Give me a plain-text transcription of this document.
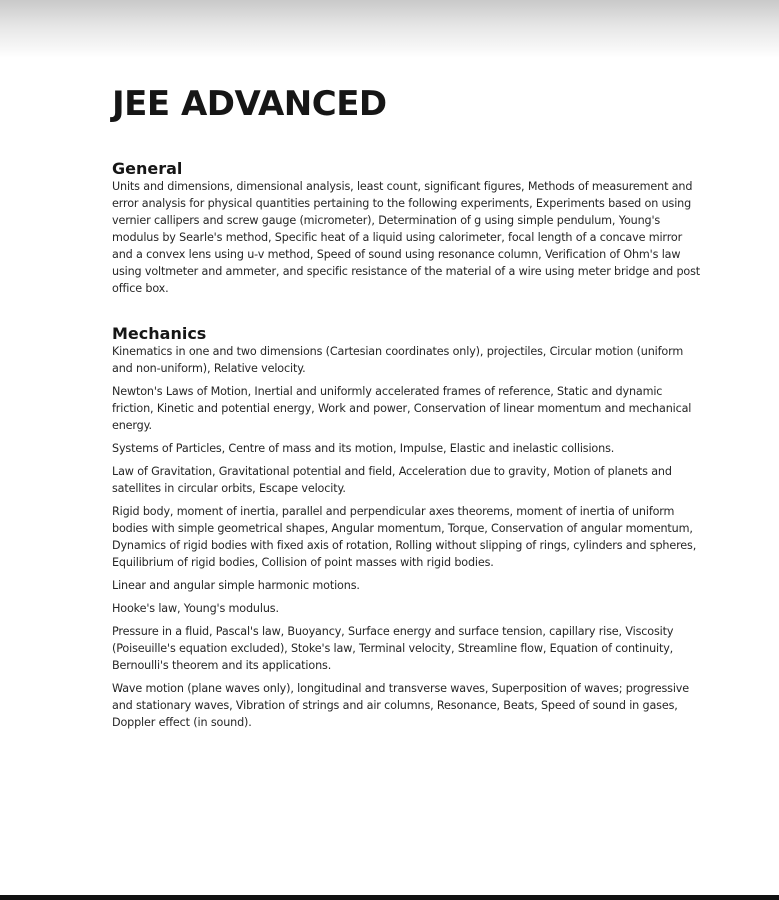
JEE ADVANCED
General

Units and dimensions, dimensional analysis, least count, significant figures, Methods of measurement and error analysis for physical quantities pertaining to the following experiments, Experiments based on using vernier callipers and screw gauge (micrometer), Determination of g using simple pendulum, Young's modulus by Searle's method, Specific heat of a liquid using calorimeter, focal length of a concave mirror and a convex lens using u-v method, Speed of sound using resonance column, Verification of Ohm's law using voltmeter and ammeter, and specific resistance of the material of a wire using meter bridge and post office box.

Mechanics

Kinematics in one and two dimensions (Cartesian coordinates only), projectiles, Circular motion (uniform and non-uniform), Relative velocity.

Newton's Laws of Motion, Inertial and uniformly accelerated frames of reference, Static and dynamic friction, Kinetic and potential energy, Work and power, Conservation of linear momentum and mechanical energy.

Systems of Particles, Centre of mass and its motion, Impulse, Elastic and inelastic collisions.

Law of Gravitation, Gravitational potential and field, Acceleration due to gravity, Motion of planets and satellites in circular orbits, Escape velocity.

Rigid body, moment of inertia, parallel and perpendicular axes theorems, moment of inertia of uniform bodies with simple geometrical shapes, Angular momentum, Torque, Conservation of angular momentum, Dynamics of rigid bodies with fixed axis of rotation, Rolling without slipping of rings, cylinders and spheres, Equilibrium of rigid bodies, Collision of point masses with rigid bodies.

Linear and angular simple harmonic motions.

Hooke's law, Young's modulus.

Pressure in a fluid, Pascal's law, Buoyancy, Surface energy and surface tension, capillary rise, Viscosity (Poiseuille's equation excluded), Stoke's law, Terminal velocity, Streamline flow, Equation of continuity, Bernoulli's theorem and its applications.

Wave motion (plane waves only), longitudinal and transverse waves, Superposition of waves; progressive and stationary waves, Vibration of strings and air columns, Resonance, Beats, Speed of sound in gases, Doppler effect (in sound).
